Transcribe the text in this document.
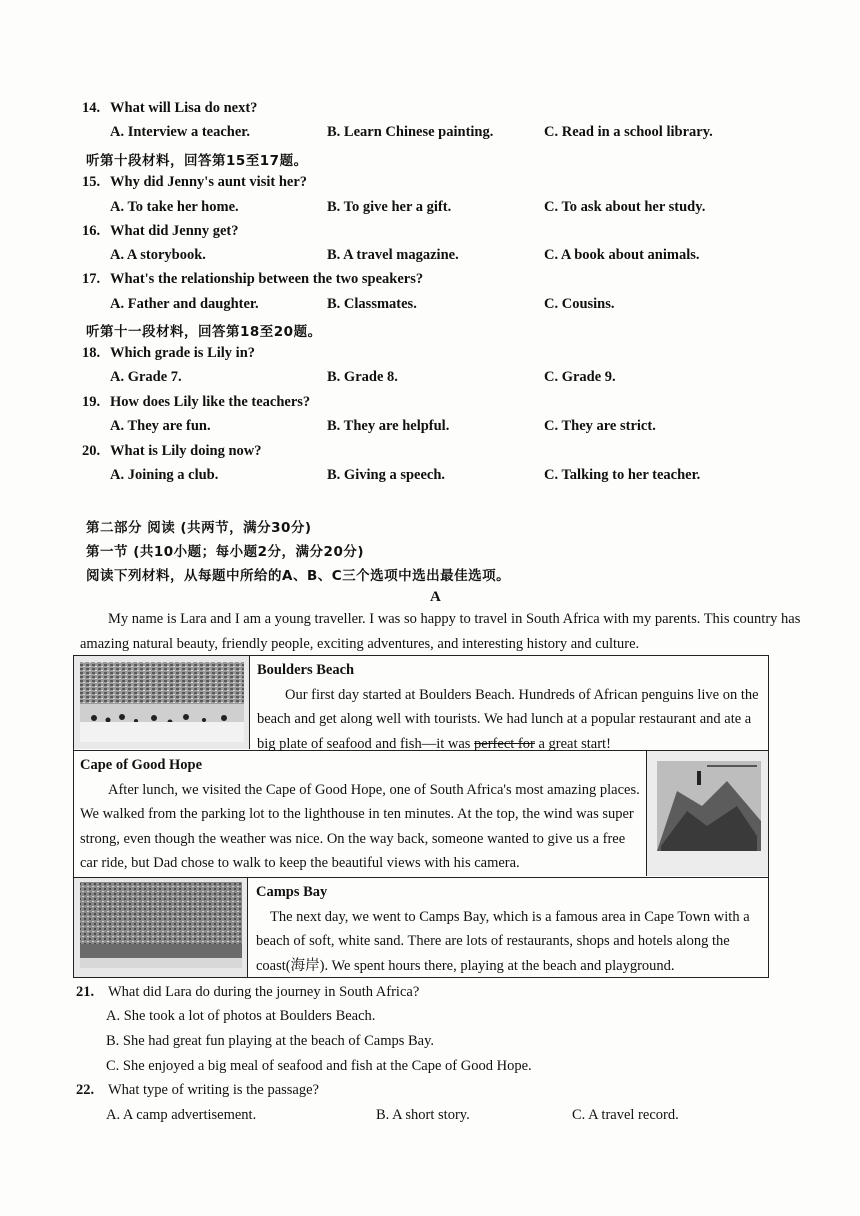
14. What will Lisa do next?
A. Interview a teacher.	B. Learn Chinese painting.	C. Read in a school library.
听第十段材料，回答第15至17题。
15. Why did Jenny's aunt visit her?
A. To take her home.	B. To give her a gift.	C. To ask about her study.
16. What did Jenny get?
A. A storybook.	B. A travel magazine.	C. A book about animals.
17. What's the relationship between the two speakers?
A. Father and daughter.	B. Classmates.	C. Cousins.
听第十一段材料，回答第18至20题。
18. Which grade is Lily in?
A. Grade 7.	B. Grade 8.	C. Grade 9.
19. How does Lily like the teachers?
A. They are fun.	B. They are helpful.	C. They are strict.
20. What is Lily doing now?
A. Joining a club.	B. Giving a speech.	C. Talking to her teacher.
第二部分 阅读 (共两节，满分30分)
第一节 (共10小题；每小题2分，满分20分)
阅读下列材料，从每题中所给的A、B、C三个选项中选出最佳选项。
A
My name is Lara and I am a young traveller. I was so happy to travel in South Africa with my parents. This country has amazing natural beauty, friendly people, exciting adventures, and interesting history and culture.
Boulders Beach
Our first day started at Boulders Beach. Hundreds of African penguins live on the beach and get along well with tourists. We had lunch at a popular restaurant and ate a big plate of seafood and fish—it was perfect for a great start!
Cape of Good Hope
After lunch, we visited the Cape of Good Hope, one of South Africa's most amazing places. We walked from the parking lot to the lighthouse in ten minutes. At the top, the wind was super strong, even though the weather was nice. On the way back, someone wanted to give us a free car ride, but Dad chose to walk to keep the beautiful views with his camera.
Camps Bay
The next day, we went to Camps Bay, which is a famous area in Cape Town with a beach of soft, white sand. There are lots of restaurants, shops and hotels along the coast(海岸). We spent hours there, playing at the beach and playground.
21. What did Lara do during the journey in South Africa?
A. She took a lot of photos at Boulders Beach.
B. She had great fun playing at the beach of Camps Bay.
C. She enjoyed a big meal of seafood and fish at the Cape of Good Hope.
22. What type of writing is the passage?
A. A camp advertisement.	B. A short story.	C. A travel record.
